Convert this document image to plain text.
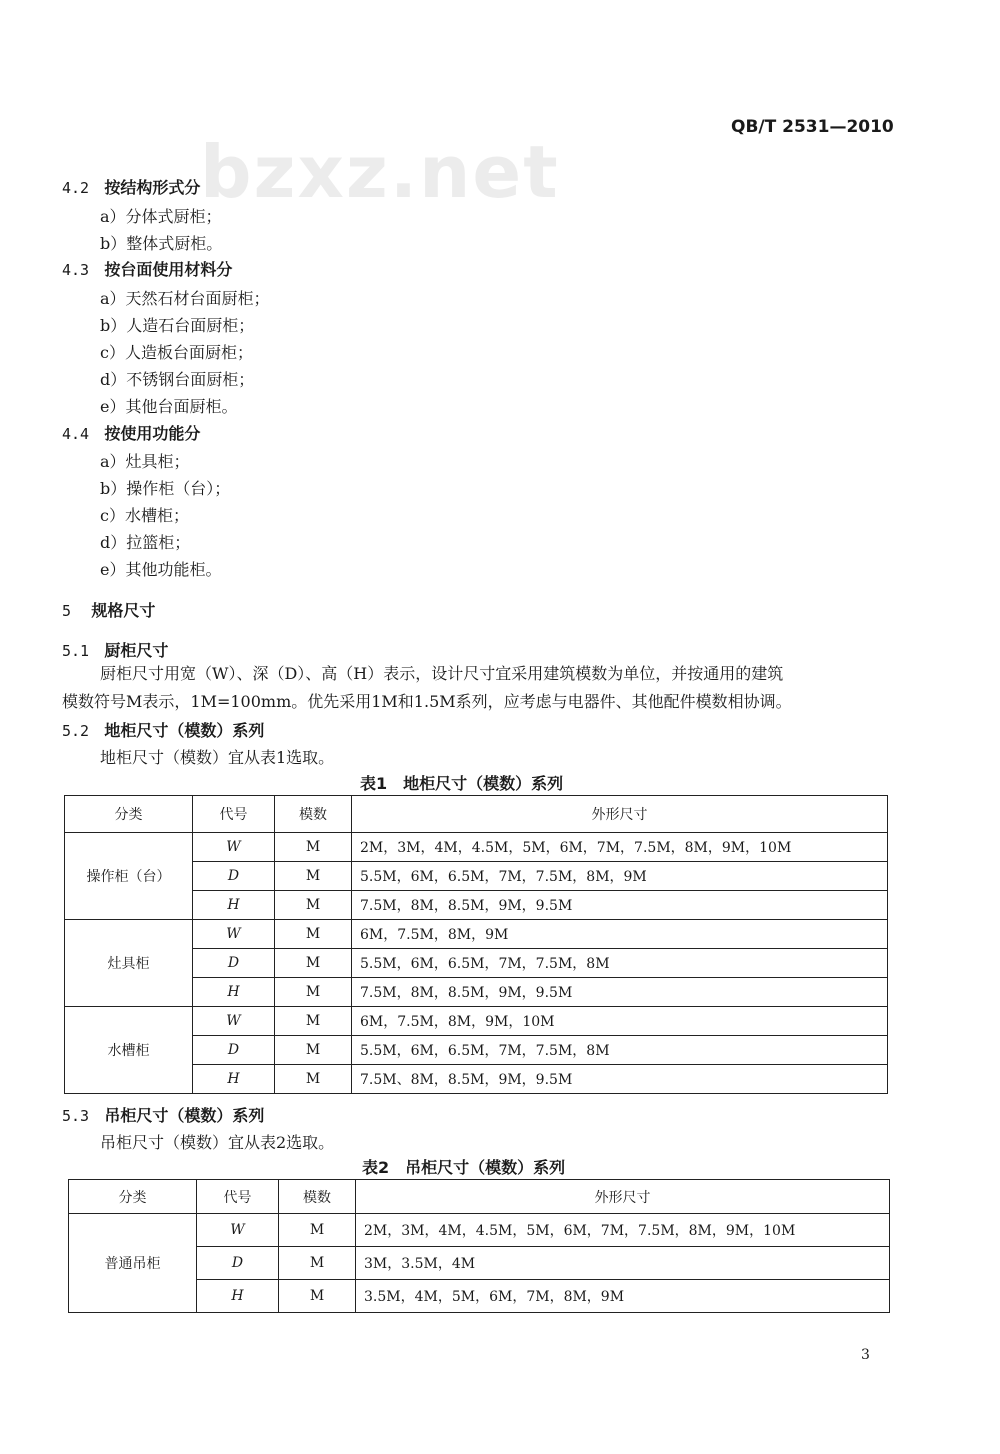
bzxz.net
QB/T 2531—2010
4.2 按结构形式分
a）分体式厨柜；
b）整体式厨柜。
4.3 按台面使用材料分
a）天然石材台面厨柜；
b）人造石台面厨柜；
c）人造板台面厨柜；
d）不锈钢台面厨柜；
e）其他台面厨柜。
4.4 按使用功能分
a）灶具柜；
b）操作柜（台）；
c）水槽柜；
d）拉篮柜；
e）其他功能柜。
5 规格尺寸
5.1 厨柜尺寸
厨柜尺寸用宽（W）、深（D）、高（H）表示，设计尺寸宜采用建筑模数为单位，并按通用的建筑
模数符号M表示，1M=100mm。优先采用1M和1.5M系列，应考虑与电器件、其他配件模数相协调。
5.2 地柜尺寸（模数）系列
地柜尺寸（模数）宜从表1选取。
表1　地柜尺寸（模数）系列
分类	代号	模数	外形尺寸
操作柜（台）	W	M	2M，3M，4M，4.5M，5M，6M，7M，7.5M，8M，9M，10M
	D	M	5.5M，6M，6.5M，7M，7.5M，8M，9M
	H	M	7.5M，8M，8.5M，9M，9.5M
灶具柜	W	M	6M，7.5M，8M，9M
	D	M	5.5M，6M，6.5M，7M，7.5M，8M
	H	M	7.5M，8M，8.5M，9M，9.5M
水槽柜	W	M	6M，7.5M，8M，9M，10M
	D	M	5.5M，6M，6.5M，7M，7.5M，8M
	H	M	7.5M、8M，8.5M，9M，9.5M
5.3 吊柜尺寸（模数）系列
吊柜尺寸（模数）宜从表2选取。
表2　吊柜尺寸（模数）系列
分类	代号	模数	外形尺寸
普通吊柜	W	M	2M，3M，4M，4.5M，5M，6M，7M，7.5M，8M，9M，10M
	D	M	3M，3.5M，4M
	H	M	3.5M，4M，5M，6M，7M，8M，9M
3
